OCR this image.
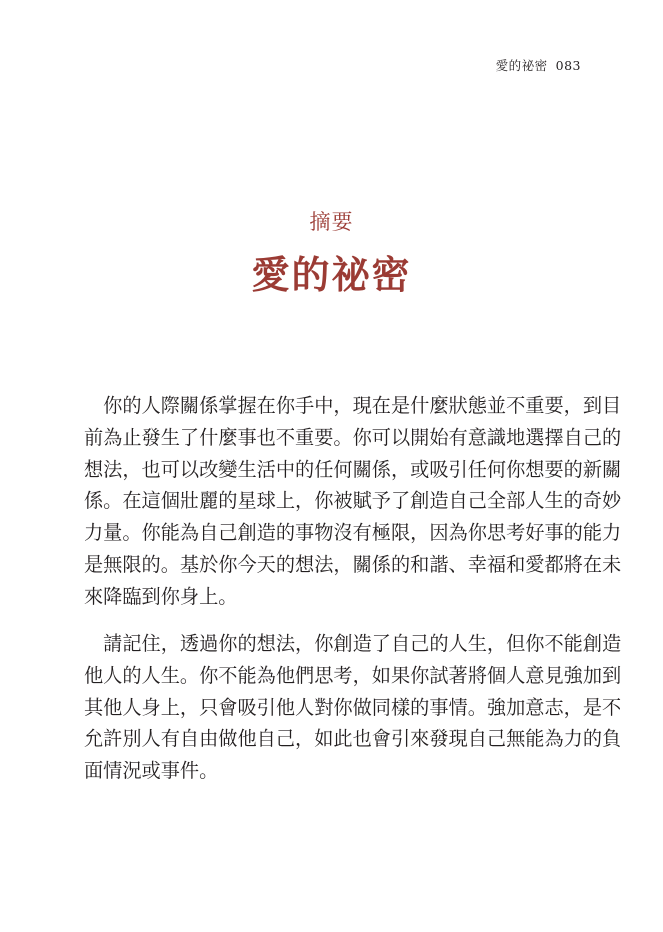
愛的祕密 083
摘要
愛的祕密

　你的人際關係掌握在你手中，現在是什麼狀態並不重要，到目
前為止發生了什麼事也不重要。你可以開始有意識地選擇自己的
想法，也可以改變生活中的任何關係，或吸引任何你想要的新關
係。在這個壯麗的星球上，你被賦予了創造自己全部人生的奇妙
力量。你能為自己創造的事物沒有極限，因為你思考好事的能力
是無限的。基於你今天的想法，關係的和諧、幸福和愛都將在未
來降臨到你身上。

　請記住，透過你的想法，你創造了自己的人生，但你不能創造
他人的人生。你不能為他們思考，如果你試著將個人意見強加到
其他人身上，只會吸引他人對你做同樣的事情。強加意志，是不
允許別人有自由做他自己，如此也會引來發現自己無能為力的負
面情況或事件。
